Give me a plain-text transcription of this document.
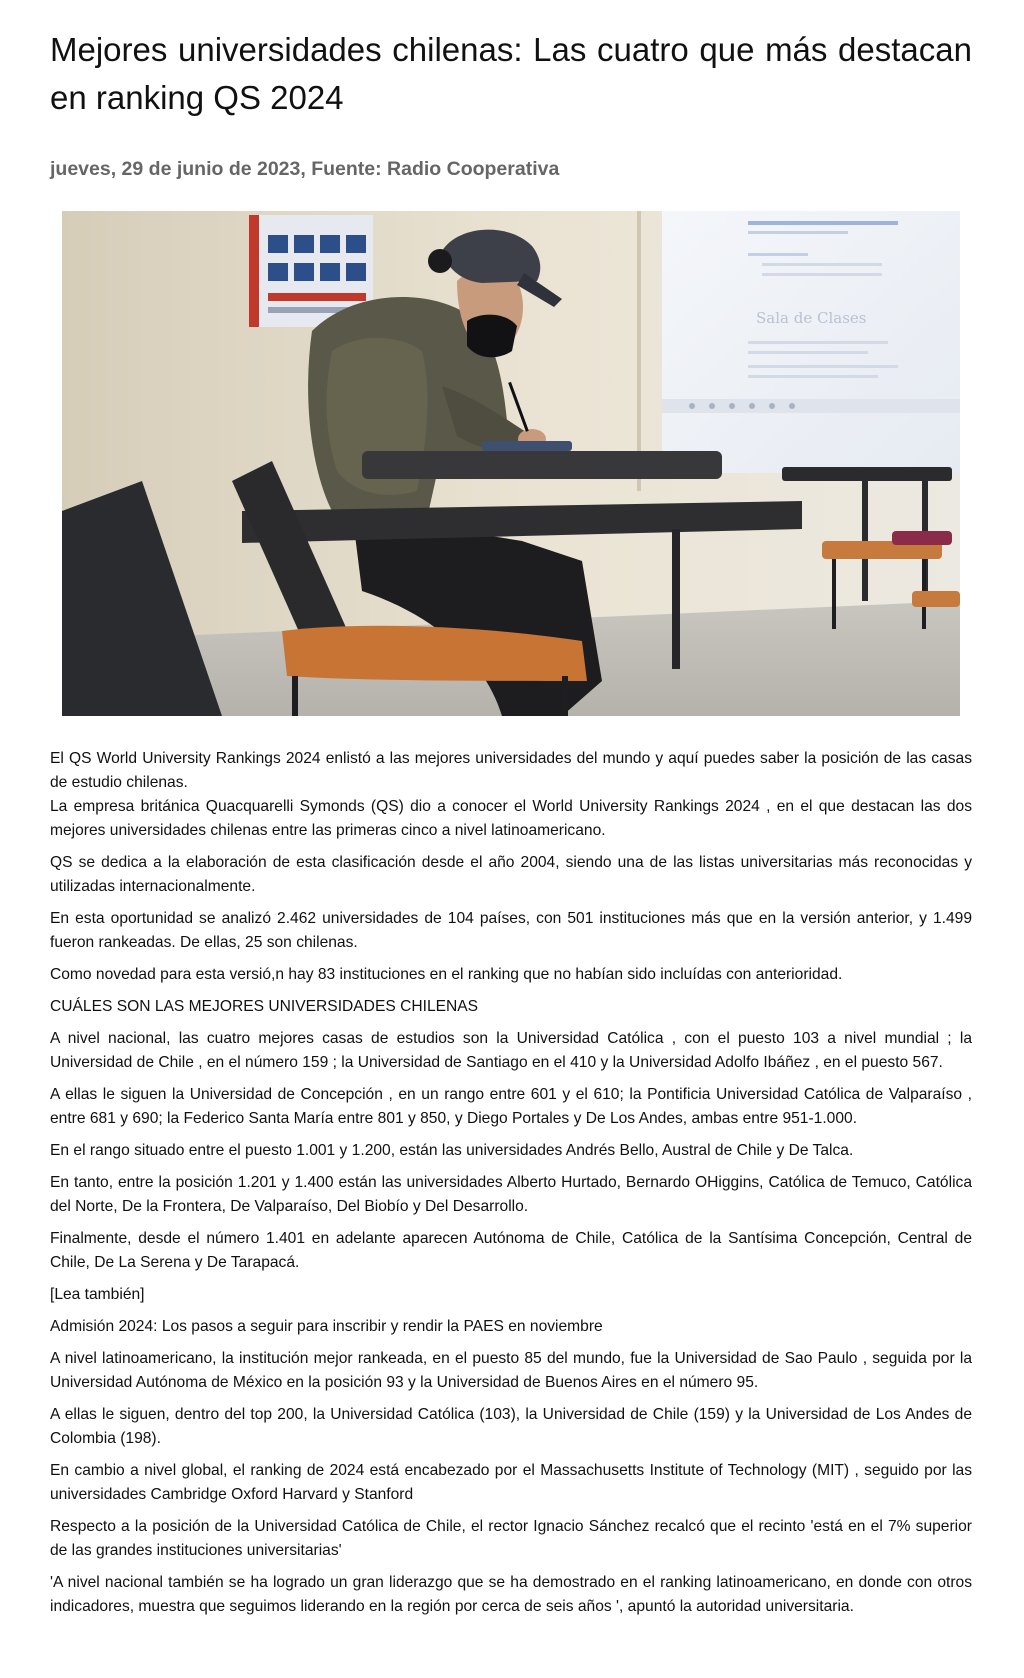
Mejores universidades chilenas: Las cuatro que más destacan en ranking QS 2024
jueves, 29 de junio de 2023, Fuente: Radio Cooperativa
Sala de Clases

El QS World University Rankings 2024 enlistó a las mejores universidades del mundo y aquí puedes saber la posición de las casas de estudio chilenas.

La empresa británica Quacquarelli Symonds (QS) dio a conocer el World University Rankings 2024 , en el que destacan las dos mejores universidades chilenas entre las primeras cinco a nivel latinoamericano.

QS se dedica a la elaboración de esta clasificación desde el año 2004, siendo una de las listas universitarias más reconocidas y utilizadas internacionalmente.

En esta oportunidad se analizó 2.462 universidades de 104 países, con 501 instituciones más que en la versión anterior, y 1.499 fueron rankeadas. De ellas, 25 son chilenas.

Como novedad para esta versió,n hay 83 instituciones en el ranking que no habían sido incluídas con anterioridad.

CUÁLES SON LAS MEJORES UNIVERSIDADES CHILENAS

A nivel nacional, las cuatro mejores casas de estudios son la Universidad Católica , con el puesto 103 a nivel mundial ; la Universidad de Chile , en el número 159 ; la Universidad de Santiago en el 410 y la Universidad Adolfo Ibáñez , en el puesto 567.

A ellas le siguen la Universidad de Concepción , en un rango entre 601 y el 610; la Pontificia Universidad Católica de Valparaíso , entre 681 y 690; la Federico Santa María entre 801 y 850, y Diego Portales y De Los Andes, ambas entre 951-1.000.

En el rango situado entre el puesto 1.001 y 1.200, están las universidades Andrés Bello, Austral de Chile y De Talca.

En tanto, entre la posición 1.201 y 1.400 están las universidades Alberto Hurtado, Bernardo OHiggins, Católica de Temuco, Católica del Norte, De la Frontera, De Valparaíso, Del Biobío y Del Desarrollo.

Finalmente, desde el número 1.401 en adelante aparecen Autónoma de Chile, Católica de la Santísima Concepción, Central de Chile, De La Serena y De Tarapacá.

[Lea también]

Admisión 2024: Los pasos a seguir para inscribir y rendir la PAES en noviembre

A nivel latinoamericano, la institución mejor rankeada, en el puesto 85 del mundo, fue la Universidad de Sao Paulo , seguida por la Universidad Autónoma de México en la posición 93 y la Universidad de Buenos Aires en el número 95.

A ellas le siguen, dentro del top 200, la Universidad Católica (103), la Universidad de Chile (159) y la Universidad de Los Andes de Colombia (198).

En cambio a nivel global, el ranking de 2024 está encabezado por el Massachusetts Institute of Technology (MIT) , seguido por las universidades Cambridge Oxford Harvard y Stanford

Respecto a la posición de la Universidad Católica de Chile, el rector Ignacio Sánchez recalcó que el recinto 'está en el 7% superior de las grandes instituciones universitarias'

'A nivel nacional también se ha logrado un gran liderazgo que se ha demostrado en el ranking latinoamericano, en donde con otros indicadores, muestra que seguimos liderando en la región por cerca de seis años ', apuntó la autoridad universitaria.
